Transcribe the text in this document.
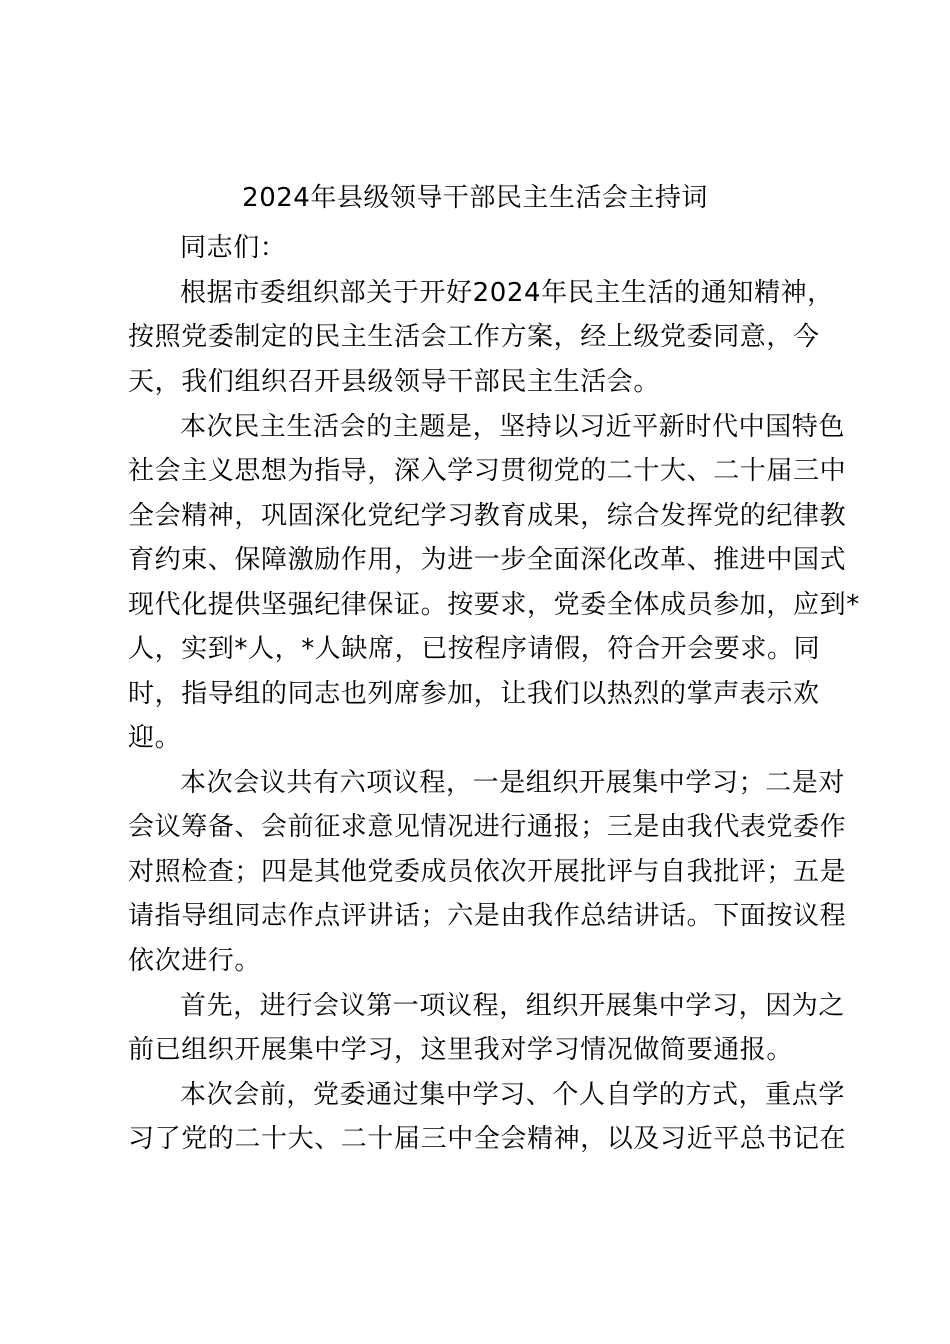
2024年县级领导干部民主生活会主持词
同志们：
根据市委组织部关于开好2024年民主生活的通知精神，
按照党委制定的民主生活会工作方案，经上级党委同意，今
天，我们组织召开县级领导干部民主生活会。
本次民主生活会的主题是，坚持以习近平新时代中国特色
社会主义思想为指导，深入学习贯彻党的二十大、二十届三中
全会精神，巩固深化党纪学习教育成果，综合发挥党的纪律教
育约束、保障激励作用，为进一步全面深化改革、推进中国式
现代化提供坚强纪律保证。按要求，党委全体成员参加，应到*
人，实到*人，*人缺席，已按程序请假，符合开会要求。同
时，指导组的同志也列席参加，让我们以热烈的掌声表示欢
迎。
本次会议共有六项议程，一是组织开展集中学习；二是对
会议筹备、会前征求意见情况进行通报；三是由我代表党委作
对照检查；四是其他党委成员依次开展批评与自我批评；五是
请指导组同志作点评讲话；六是由我作总结讲话。下面按议程
依次进行。
首先，进行会议第一项议程，组织开展集中学习，因为之
前已组织开展集中学习，这里我对学习情况做简要通报。
本次会前，党委通过集中学习、个人自学的方式，重点学
习了党的二十大、二十届三中全会精神，以及习近平总书记在
